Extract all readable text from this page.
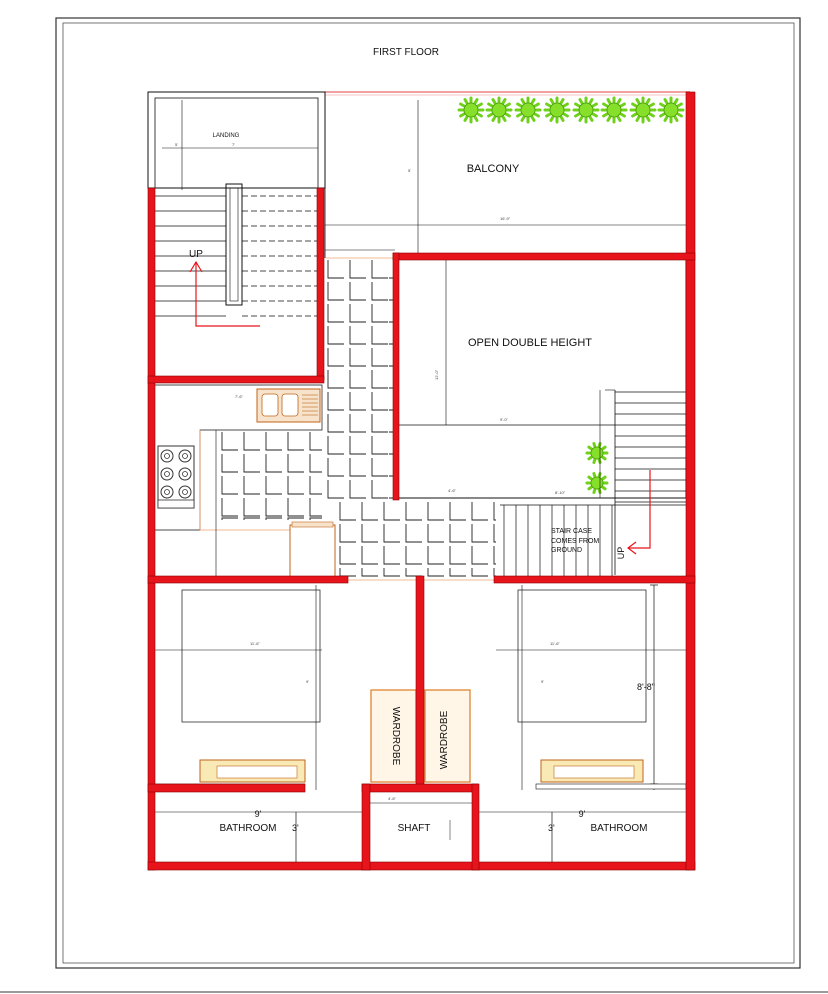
FIRST FLOOR
5'	7'
LANDING
16'-9"
5'	BALCONY
UP
9'-0"
4'-6"	8'-10"
12'-0"
OPEN DOUBLE HEIGHT
STAIR CASE
COMES FROM
GROUND	UP
7'-6"
11'-6"
9'
11'-6"
9'
8'-8"
WARDROBE	WARDROBE
9'
3'
BATHROOM
4'-6"
SHAFT
9'
3'	BATHROOM
